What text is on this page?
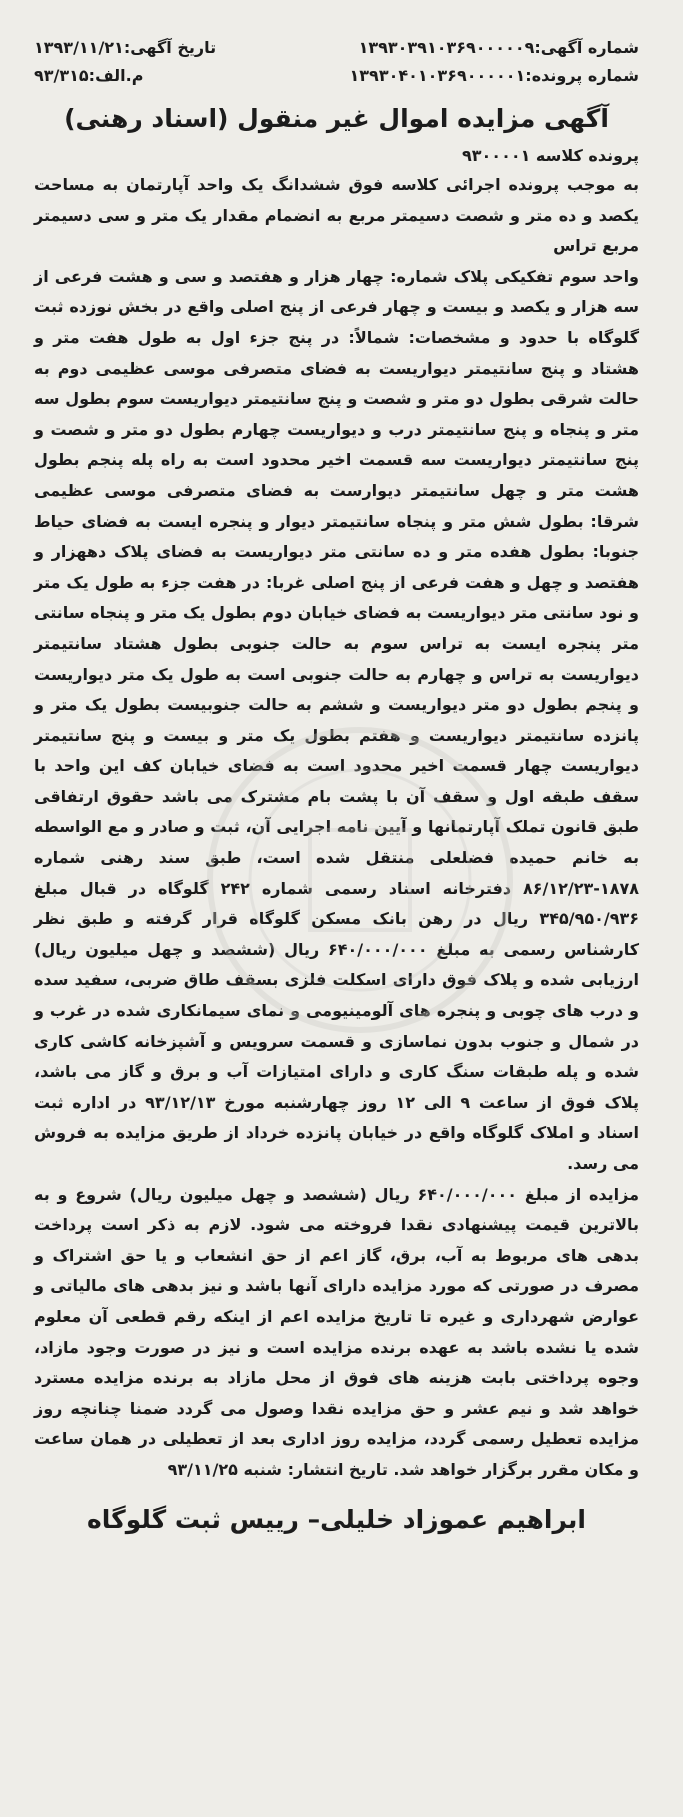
شماره آگهی:۱۳۹۳۰۳۹۱۰۳۶۹۰۰۰۰۰۹
تاریخ آگهی:۱۳۹۳/۱۱/۲۱
شماره پرونده:۱۳۹۳۰۴۰۱۰۳۶۹۰۰۰۰۰۱
م.الف:۹۳/۳۱۵
آگهی مزایده اموال غیر منقول (اسناد رهنی)
پرونده کلاسه ۹۳۰۰۰۰۱

به موجب پرونده اجرائی کلاسه فوق ششدانگ یک واحد آپارتمان به مساحت یکصد و ده متر و شصت دسیمتر مربع به انضمام مقدار یک متر و سی دسیمتر مربع تراس

واحد سوم تفکیکی پلاک شماره: چهار هزار و هفتصد و سی و هشت فرعی از سه هزار و یکصد و بیست و چهار فرعی از پنج اصلی واقع در بخش نوزده ثبت گلوگاه با حدود و مشخصات: شمالاً: در پنج جزء اول به طول هفت متر و هشتاد و پنج سانتیمتر دیواریست به فضای متصرفی موسی عظیمی دوم به حالت شرقی بطول دو متر و شصت و پنج سانتیمتر دیواریست سوم بطول سه متر و پنجاه و پنج سانتیمتر درب و دیواریست چهارم بطول دو متر و شصت و پنج سانتیمتر دیواریست سه قسمت اخیر محدود است به راه پله پنجم بطول هشت متر و چهل سانتیمتر دیوارست به فضای متصرفی موسی عظیمی شرقا: بطول شش متر و پنجاه سانتیمتر دیوار و پنجره ایست به فضای حیاط جنوبا: بطول هفده متر و ده سانتی متر دیواریست به فضای پلاک دههزار و هفتصد و چهل و هفت فرعی از پنج اصلی غربا: در هفت جزء به طول یک متر و نود سانتی متر دیواریست به فضای خیابان دوم بطول یک متر و پنجاه سانتی متر پنجره ایست به تراس سوم به حالت جنوبی بطول هشتاد سانتیمتر دیواریست به تراس و چهارم به حالت جنوبی است به طول یک متر دیواریست و پنجم بطول دو متر دیواریست و ششم به حالت جنوبیست بطول یک متر و پانزده سانتیمتر دیواریست و هفتم بطول یک متر و بیست و پنج سانتیمتر دیواریست چهار قسمت اخیر محدود است به فضای خیابان کف این واحد با سقف طبقه اول و سقف آن با پشت بام مشترک می باشد حقوق ارتفاقی طبق قانون تملک آپارتمانها و آیین نامه اجرایی آن، ثبت و صادر و مع الواسطه به خانم حمیده فضلعلی منتقل شده است، طبق سند رهنی شماره ۱۸۷۸-۸۶/۱۲/۲۳ دفترخانه اسناد رسمی شماره ۲۴۲ گلوگاه در قبال مبلغ ۳۴۵/۹۵۰/۹۳۶ ریال در رهن بانک مسکن گلوگاه قرار گرفته و طبق نظر کارشناس رسمی به مبلغ ۶۴۰/۰۰۰/۰۰۰ ریال (ششصد و چهل میلیون ریال) ارزیابی شده و پلاک فوق دارای اسکلت فلزی بسقف طاق ضربی، سفید سده و درب های چوبی و پنجره های آلومینیومی و نمای سیمانکاری شده در غرب و در شمال و جنوب بدون نماسازی و قسمت سرویس و آشپزخانه کاشی کاری شده و پله طبقات سنگ کاری و دارای امتیازات آب و برق و گاز می باشد، پلاک فوق از ساعت ۹ الی ۱۲ روز چهارشنبه مورخ ۹۳/۱۲/۱۳ در اداره ثبت اسناد و املاک گلوگاه واقع در خیابان پانزده خرداد از طریق مزایده به فروش می رسد.

مزایده از مبلغ ۶۴۰/۰۰۰/۰۰۰ ریال (ششصد و چهل میلیون ریال) شروع و به بالاترین قیمت پیشنهادی نقدا فروخته می شود. لازم به ذکر است پرداخت بدهی های مربوط به آب، برق، گاز اعم از حق انشعاب و یا حق اشتراک و مصرف در صورتی که مورد مزایده دارای آنها باشد و نیز بدهی های مالیاتی و عوارض شهرداری و غیره تا تاریخ مزایده اعم از اینکه رقم قطعی آن معلوم شده یا نشده باشد به عهده برنده مزایده است و نیز در صورت وجود مازاد، وجوه پرداختی بابت هزینه های فوق از محل مازاد به برنده مزایده مسترد خواهد شد و نیم عشر و حق مزایده نقدا وصول می گردد ضمنا چنانچه روز مزایده تعطیل رسمی گردد، مزایده روز اداری بعد از تعطیلی در همان ساعت و مکان مقرر برگزار خواهد شد. تاریخ انتشار: شنبه ۹۳/۱۱/۲۵

ابراهیم عموزاد خلیلی– رییس ثبت گلوگاه
